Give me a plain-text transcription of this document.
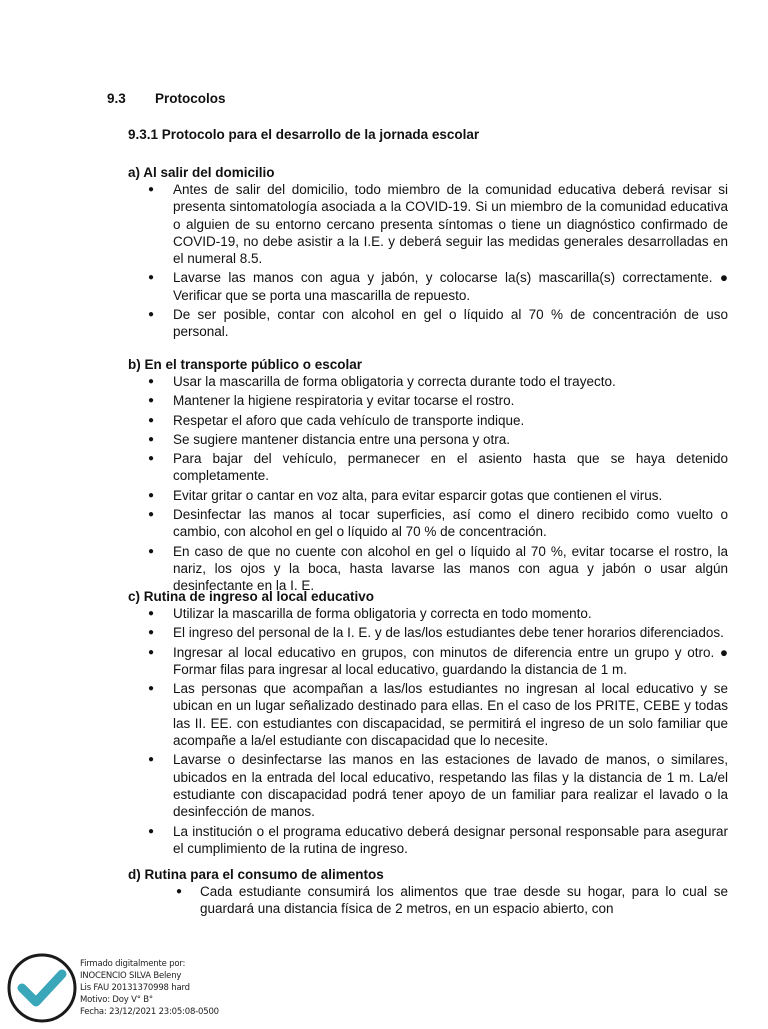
9.3 Protocolos
9.3.1 Protocolo para el desarrollo de la jornada escolar
a) Al salir del domicilio
● Antes de salir del domicilio, todo miembro de la comunidad educativa deberá revisar si presenta sintomatología asociada a la COVID-19. Si un miembro de la comunidad educativa o alguien de su entorno cercano presenta síntomas o tiene un diagnóstico confirmado de COVID-19, no debe asistir a la I.E. y deberá seguir las medidas generales desarrolladas en el numeral 8.5.
● Lavarse las manos con agua y jabón, y colocarse la(s) mascarilla(s) correctamente. ● Verificar que se porta una mascarilla de repuesto.
● De ser posible, contar con alcohol en gel o líquido al 70 % de concentración de uso personal.
b) En el transporte público o escolar
● Usar la mascarilla de forma obligatoria y correcta durante todo el trayecto.
● Mantener la higiene respiratoria y evitar tocarse el rostro.
● Respetar el aforo que cada vehículo de transporte indique.
● Se sugiere mantener distancia entre una persona y otra.
● Para bajar del vehículo, permanecer en el asiento hasta que se haya detenido completamente.
● Evitar gritar o cantar en voz alta, para evitar esparcir gotas que contienen el virus.
● Desinfectar las manos al tocar superficies, así como el dinero recibido como vuelto o cambio, con alcohol en gel o líquido al 70 % de concentración.
● En caso de que no cuente con alcohol en gel o líquido al 70 %, evitar tocarse el rostro, la nariz, los ojos y la boca, hasta lavarse las manos con agua y jabón o usar algún desinfectante en la I. E.
c) Rutina de ingreso al local educativo
● Utilizar la mascarilla de forma obligatoria y correcta en todo momento.
● El ingreso del personal de la I. E. y de las/los estudiantes debe tener horarios diferenciados.
● Ingresar al local educativo en grupos, con minutos de diferencia entre un grupo y otro. ● Formar filas para ingresar al local educativo, guardando la distancia de 1 m.
● Las personas que acompañan a las/los estudiantes no ingresan al local educativo y se ubican en un lugar señalizado destinado para ellas. En el caso de los PRITE, CEBE y todas las II. EE. con estudiantes con discapacidad, se permitirá el ingreso de un solo familiar que acompañe a la/el estudiante con discapacidad que lo necesite.
● Lavarse o desinfectarse las manos en las estaciones de lavado de manos, o similares, ubicados en la entrada del local educativo, respetando las filas y la distancia de 1 m. La/el estudiante con discapacidad podrá tener apoyo de un familiar para realizar el lavado o la desinfección de manos.
● La institución o el programa educativo deberá designar personal responsable para asegurar el cumplimiento de la rutina de ingreso.
d) Rutina para el consumo de alimentos
● Cada estudiante consumirá los alimentos que trae desde su hogar, para lo cual se guardará una distancia física de 2 metros, en un espacio abierto, con
Firmado digitalmente por:
INOCENCIO SILVA Beleny
Lis FAU 20131370998 hard
Motivo: Doy V° B°
Fecha: 23/12/2021 23:05:08-0500
